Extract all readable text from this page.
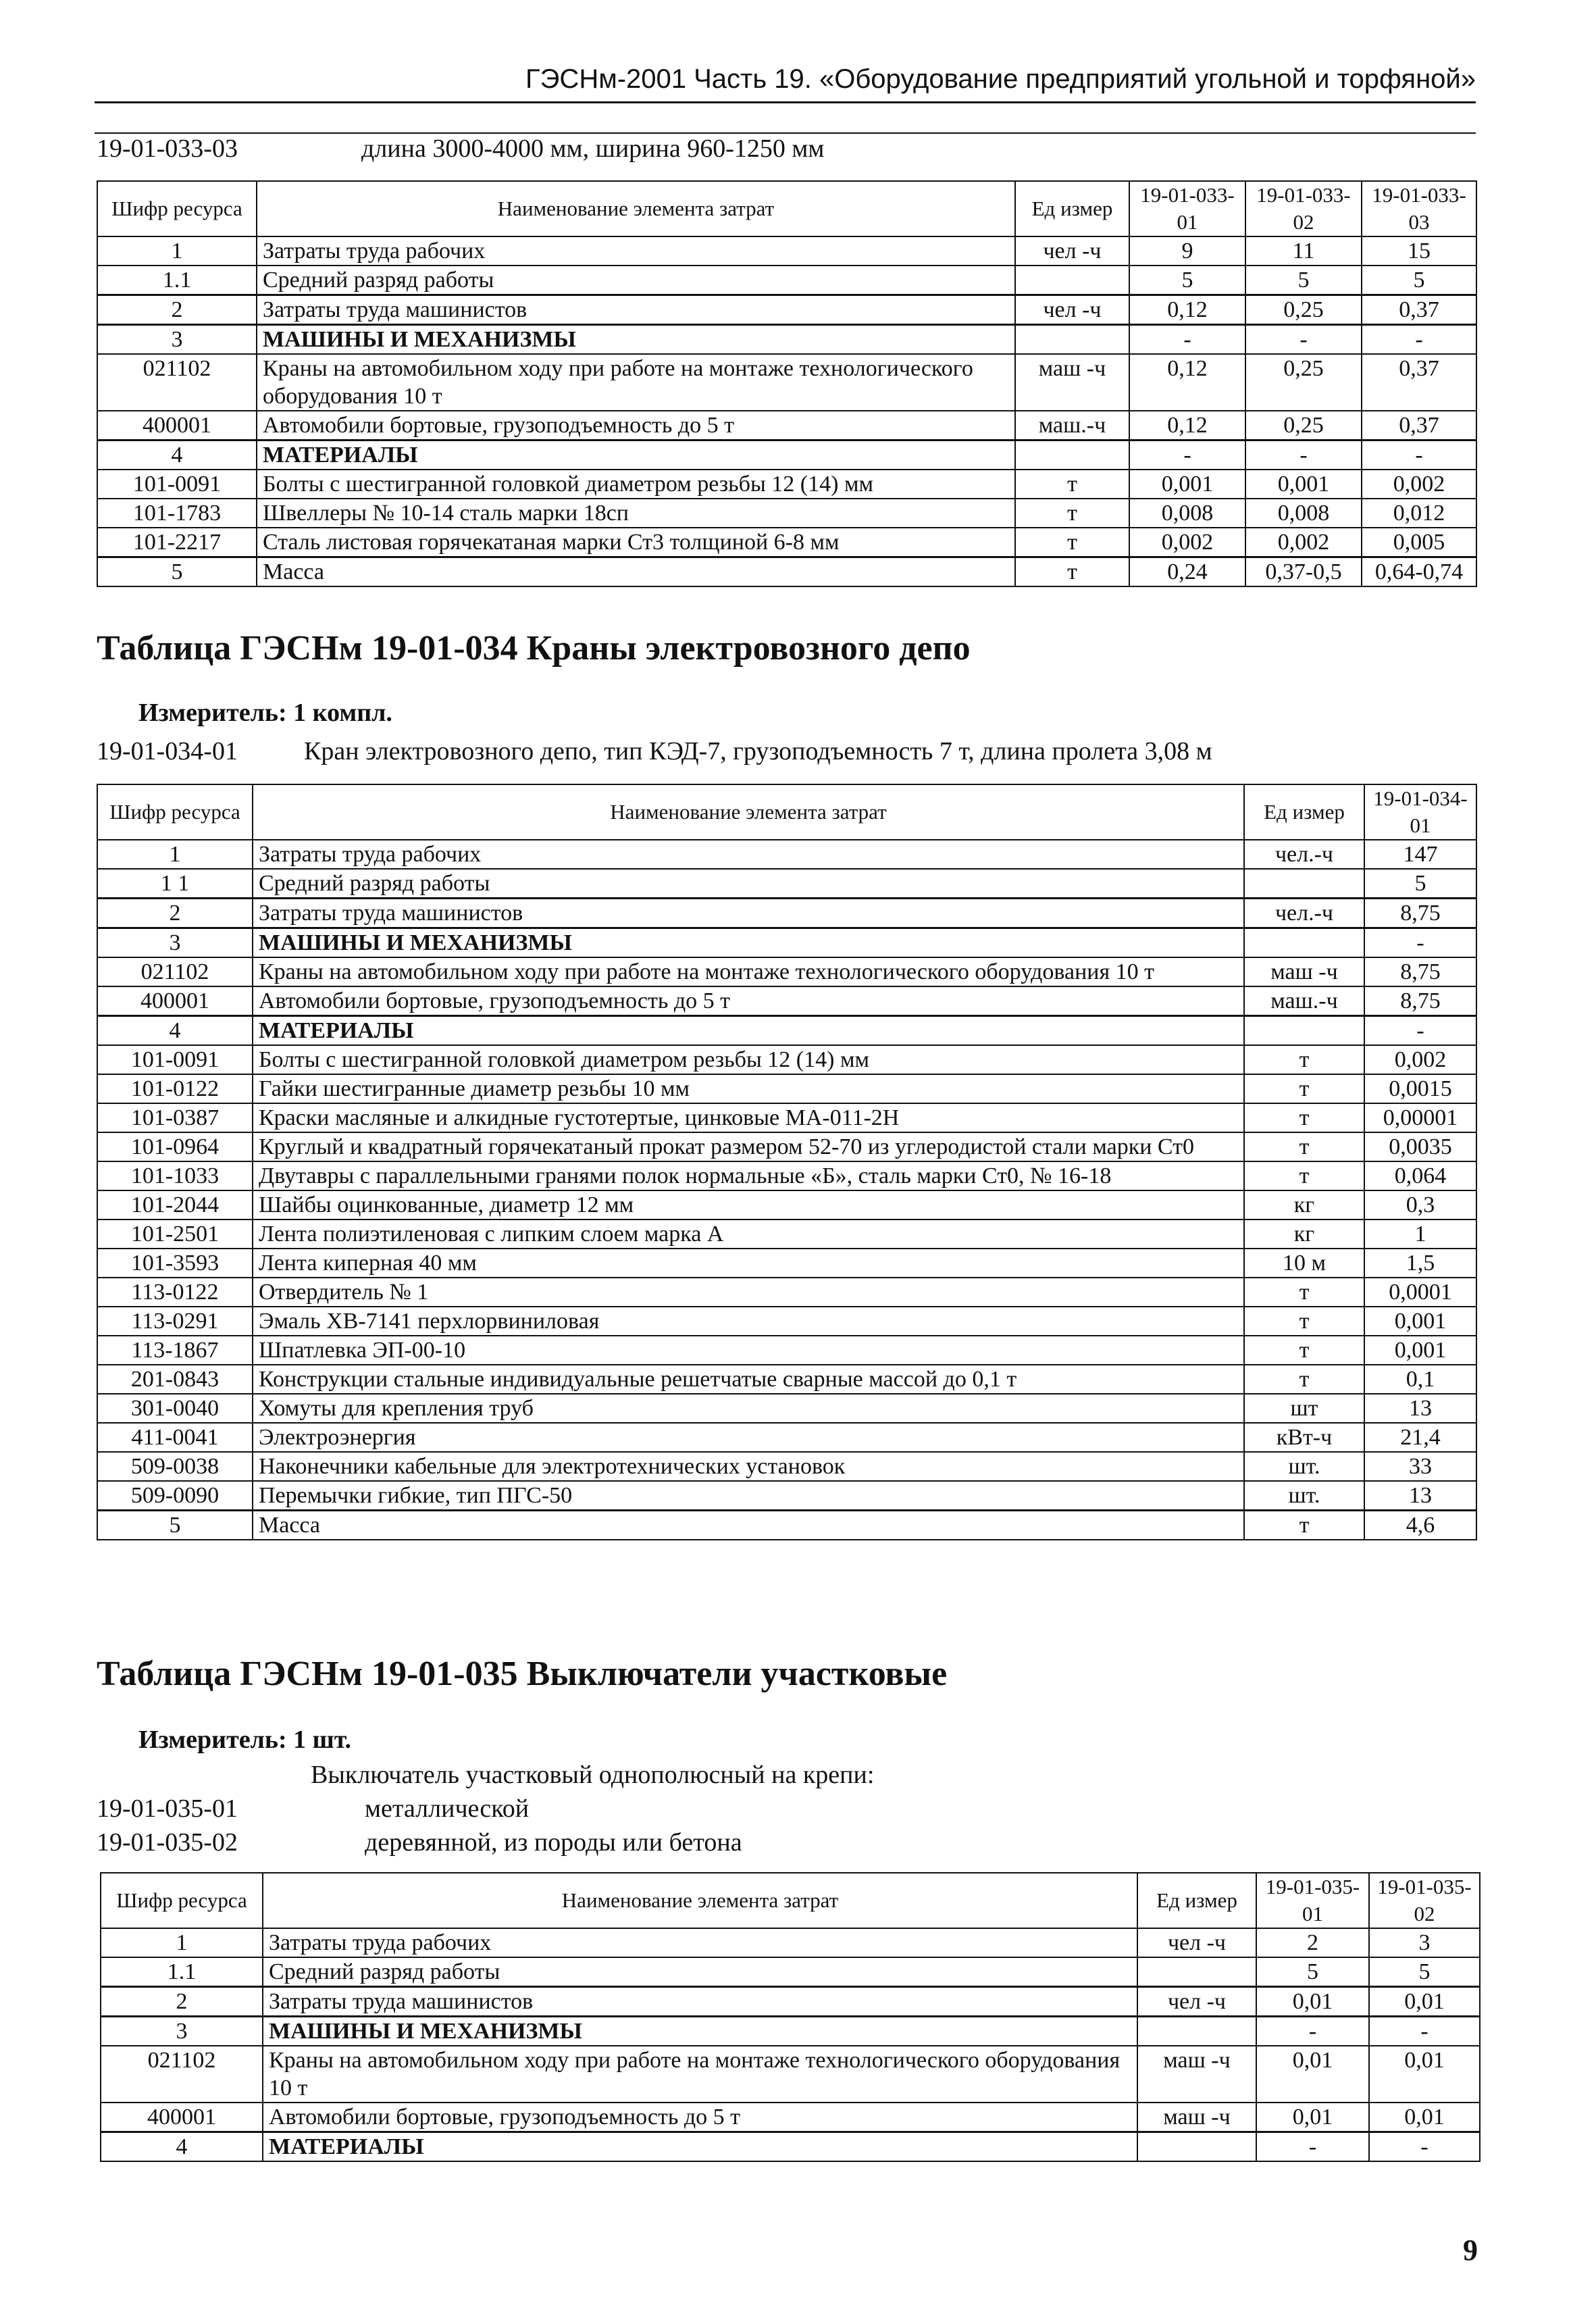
ГЭСНм-2001 Часть 19. «Оборудование предприятий угольной и торфяной»
19-01-033-03	длина 3000-4000 мм, ширина 960-1250 мм
Шифр ресурса	Наименование элемента затрат	Ед измер	19-01-033-01	19-01-033-02	19-01-033-03
1	Затраты труда рабочих	чел -ч	9	11	15
1.1	Средний разряд работы		5	5	5
2	Затраты труда машинистов	чел -ч	0,12	0,25	0,37
3	МАШИНЫ И МЕХАНИЗМЫ		-	-	-
021102	Краны на автомобильном ходу при работе на монтаже технологического оборудования 10 т	маш -ч	0,12	0,25	0,37
400001	Автомобили бортовые, грузоподъемность до 5 т	маш.-ч	0,12	0,25	0,37
4	МАТЕРИАЛЫ		-	-	-
101-0091	Болты с шестигранной головкой диаметром резьбы 12 (14) мм	т	0,001	0,001	0,002
101-1783	Швеллеры № 10-14 сталь марки 18сп	т	0,008	0,008	0,012
101-2217	Сталь листовая горячекатаная марки Ст3 толщиной 6-8 мм	т	0,002	0,002	0,005
5	Масса	т	0,24	0,37-0,5	0,64-0,74
Таблица ГЭСНм 19-01-034 Краны электровозного депо
Измеритель: 1 компл.
19-01-034-01	Кран электровозного депо, тип КЭД-7, грузоподъемность 7 т, длина пролета 3,08 м
Шифр ресурса	Наименование элемента затрат	Ед измер	19-01-034-01
1	Затраты труда рабочих	чел.-ч	147
1 1	Средний разряд работы		5
2	Затраты труда машинистов	чел.-ч	8,75
3	МАШИНЫ И МЕХАНИЗМЫ		-
021102	Краны на автомобильном ходу при работе на монтаже технологического оборудования 10 т	маш -ч	8,75
400001	Автомобили бортовые, грузоподъемность до 5 т	маш.-ч	8,75
4	МАТЕРИАЛЫ		-
101-0091	Болты с шестигранной головкой диаметром резьбы 12 (14) мм	т	0,002
101-0122	Гайки шестигранные диаметр резьбы 10 мм	т	0,0015
101-0387	Краски масляные и алкидные густотертые, цинковые МА-011-2Н	т	0,00001
101-0964	Круглый и квадратный горячекатаный прокат размером 52-70 из углеродистой стали марки Ст0	т	0,0035
101-1033	Двутавры с параллельными гранями полок нормальные «Б», сталь марки Ст0, № 16-18	т	0,064
101-2044	Шайбы оцинкованные, диаметр 12 мм	кг	0,3
101-2501	Лента полиэтиленовая с липким слоем марка А	кг	1
101-3593	Лента киперная 40 мм	10 м	1,5
113-0122	Отвердитель № 1	т	0,0001
113-0291	Эмаль ХВ-7141 перхлорвиниловая	т	0,001
113-1867	Шпатлевка ЭП-00-10	т	0,001
201-0843	Конструкции стальные индивидуальные решетчатые сварные массой до 0,1 т	т	0,1
301-0040	Хомуты для крепления труб	шт	13
411-0041	Электроэнергия	кВт-ч	21,4
509-0038	Наконечники кабельные для электротехнических установок	шт.	33
509-0090	Перемычки гибкие, тип ПГС-50	шт.	13
5	Масса	т	4,6
Таблица ГЭСНм 19-01-035 Выключатели участковые
Измеритель: 1 шт.
Выключатель участковый однополюсный на крепи:
19-01-035-01	металлической
19-01-035-02	деревянной, из породы или бетона
Шифр ресурса	Наименование элемента затрат	Ед измер	19-01-035-01	19-01-035-02
1	Затраты труда рабочих	чел -ч	2	3
1.1	Средний разряд работы		5	5
2	Затраты труда машинистов	чел -ч	0,01	0,01
3	МАШИНЫ И МЕХАНИЗМЫ		-	-
021102	Краны на автомобильном ходу при работе на монтаже технологического оборудования 10 т	маш -ч	0,01	0,01
400001	Автомобили бортовые, грузоподъемность до 5 т	маш -ч	0,01	0,01
4	МАТЕРИАЛЫ		-	-
9
